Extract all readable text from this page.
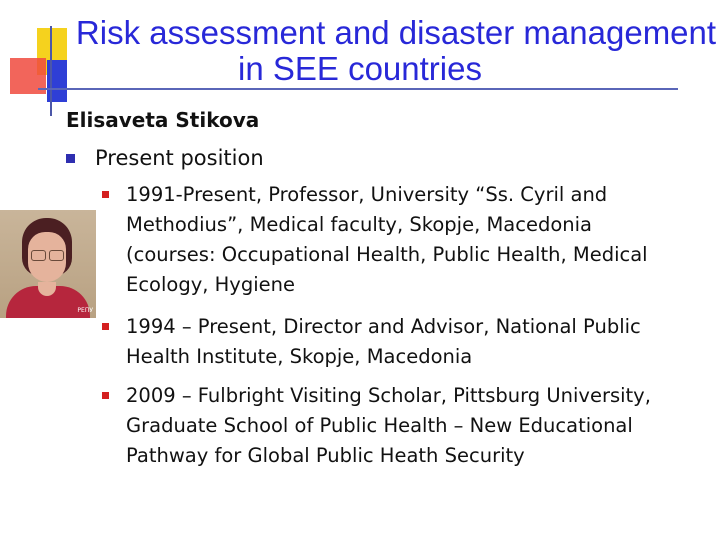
Risk assessment and disaster management
in SEE countries
Elisaveta Stikova
Present position
1991-Present, Professor, University “Ss. Cyril and Methodius”, Medical faculty, Skopje, Macedonia (courses: Occupational Health, Public Health, Medical Ecology, Hygiene
1994 – Present, Director and Advisor, National Public Health Institute, Skopje, Macedonia
2009 – Fulbright Visiting Scholar, Pittsburg University, Graduate School of Public Health – New Educational Pathway for Global Public Heath Security
РЕПУ
